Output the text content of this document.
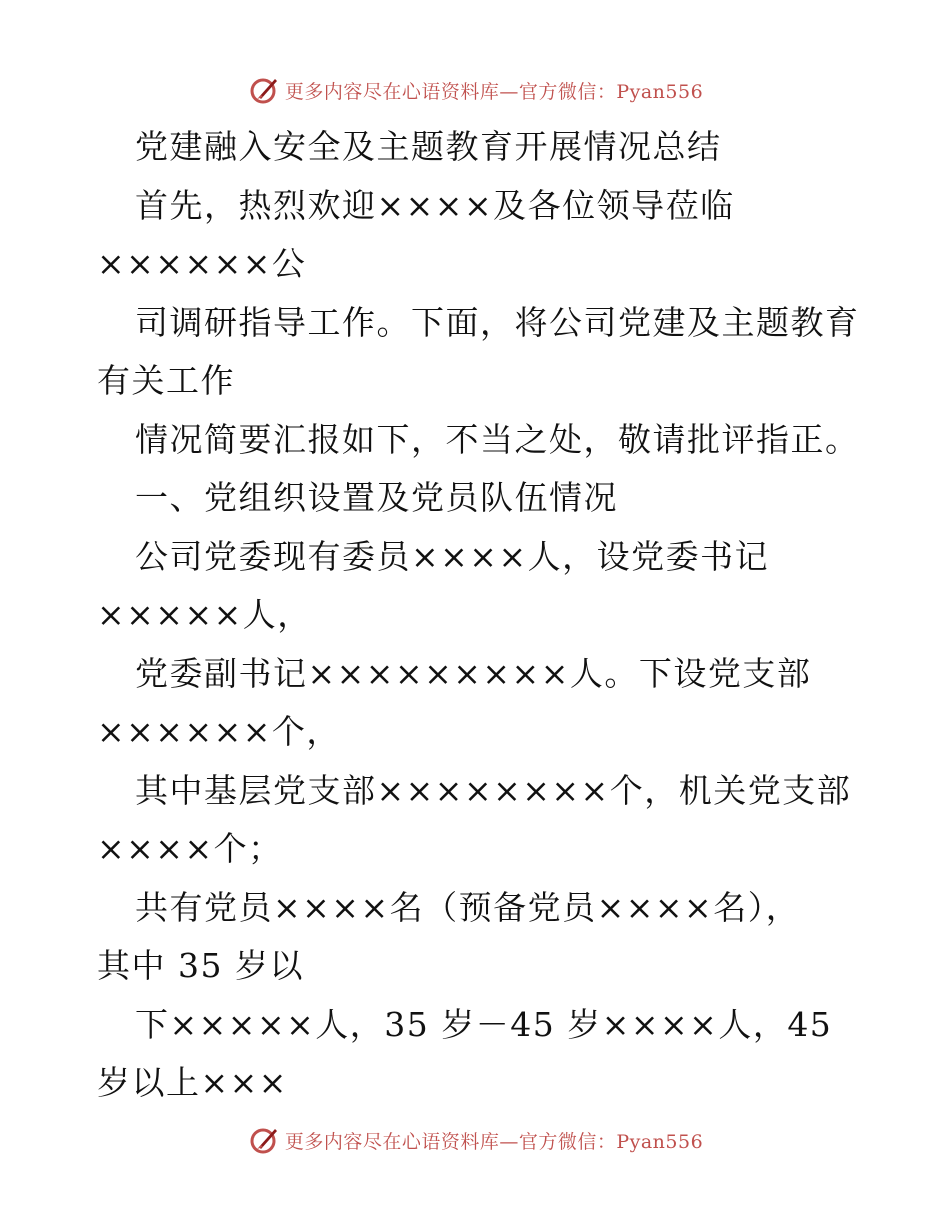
更多内容尽在心语资料库—官方微信：Pyan556
党建融入安全及主题教育开展情况总结
首先，热烈欢迎××××及各位领导莅临
××××××公
司调研指导工作。下面，将公司党建及主题教育
有关工作
情况简要汇报如下，不当之处，敬请批评指正。
一、党组织设置及党员队伍情况
公司党委现有委员××××人，设党委书记
×××××人，
党委副书记×××××××××人。下设党支部
××××××个，
其中基层党支部××××××××个，机关党支部
××××个；
共有党员××××名（预备党员××××名），
其中 35 岁以
下×××××人，35 岁－45 岁××××人，45
岁以上×××
更多内容尽在心语资料库—官方微信：Pyan556
